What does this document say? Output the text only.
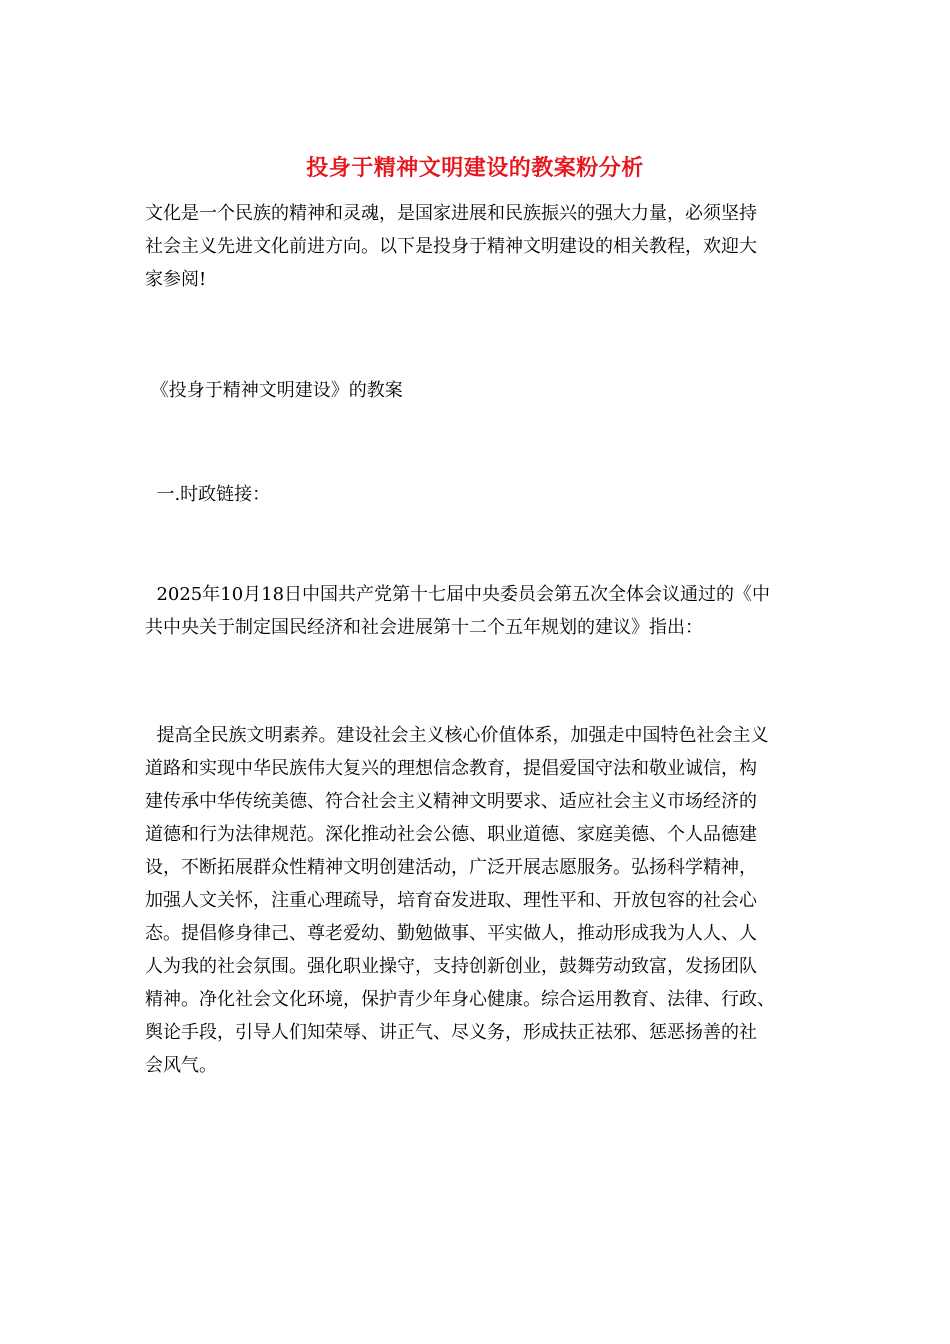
投身于精神文明建设的教案粉分析

文化是一个民族的精神和灵魂，是国家进展和民族振兴的强大力量，必须坚持
社会主义先进文化前进方向。以下是投身于精神文明建设的相关教程，欢迎大
家参阅!

《投身于精神文明建设》的教案

一.时政链接：

2025年10月18日中国共产党第十七届中央委员会第五次全体会议通过的《中
共中央关于制定国民经济和社会进展第十二个五年规划的建议》指出：

提高全民族文明素养。建设社会主义核心价值体系，加强走中国特色社会主义
道路和实现中华民族伟大复兴的理想信念教育，提倡爱国守法和敬业诚信，构
建传承中华传统美德、符合社会主义精神文明要求、适应社会主义市场经济的
道德和行为法律规范。深化推动社会公德、职业道德、家庭美德、个人品德建
设，不断拓展群众性精神文明创建活动，广泛开展志愿服务。弘扬科学精神，
加强人文关怀，注重心理疏导，培育奋发进取、理性平和、开放包容的社会心
态。提倡修身律己、尊老爱幼、勤勉做事、平实做人，推动形成我为人人、人
人为我的社会氛围。强化职业操守，支持创新创业，鼓舞劳动致富，发扬团队
精神。净化社会文化环境，保护青少年身心健康。综合运用教育、法律、行政、
舆论手段，引导人们知荣辱、讲正气、尽义务，形成扶正祛邪、惩恶扬善的社
会风气。
